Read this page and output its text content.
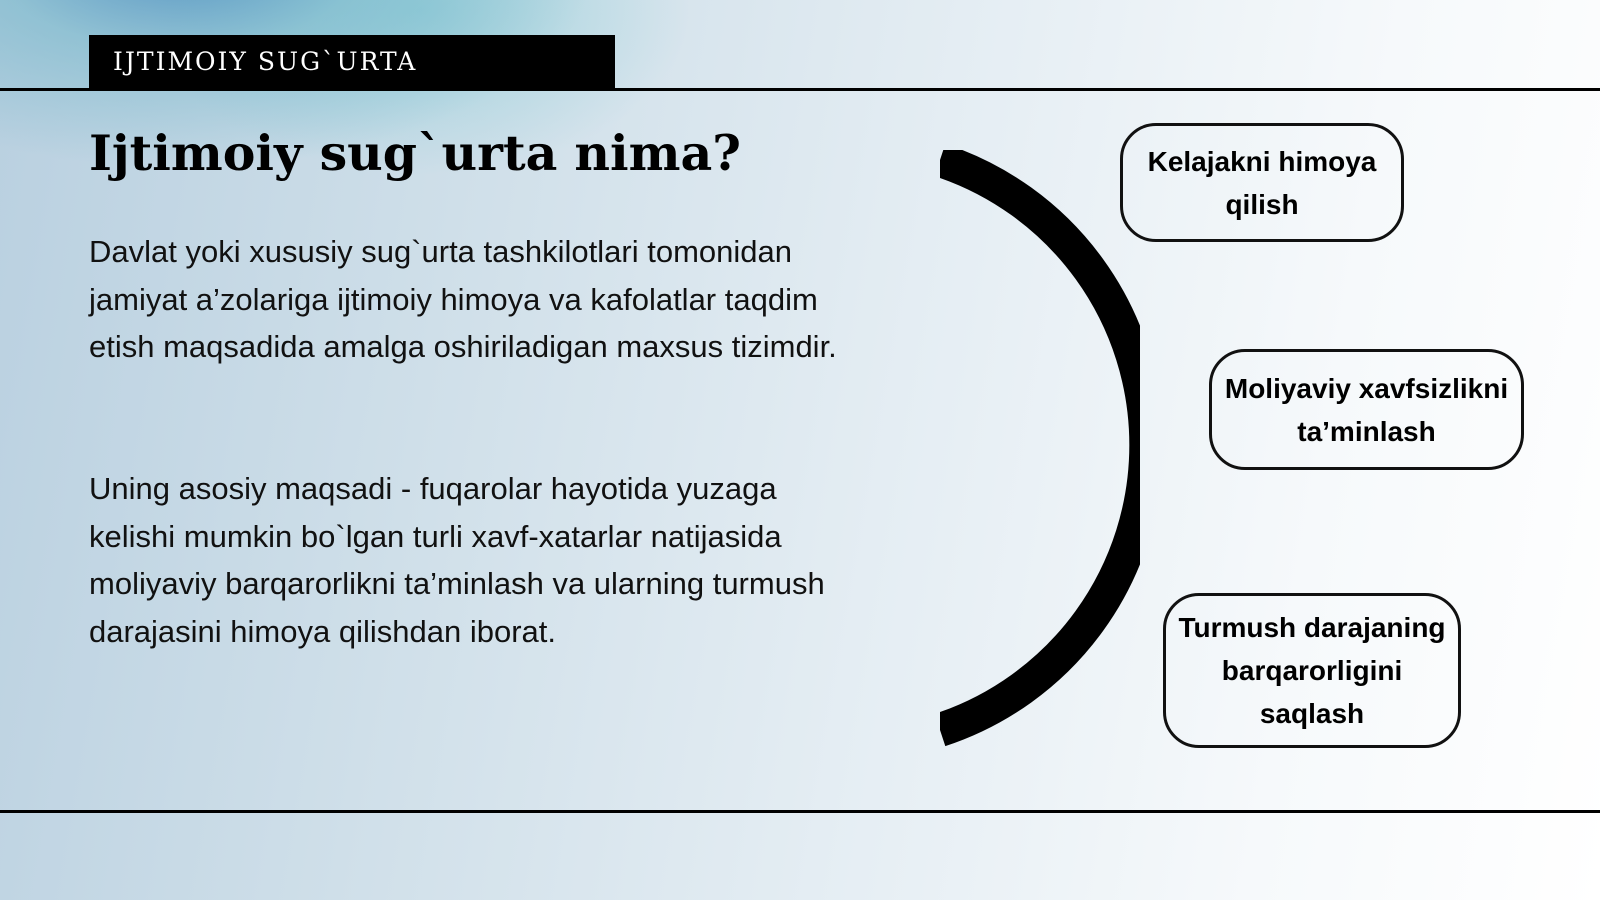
IJTIMOIY SUG`URTA
Ijtimoiy sug`urta nima?

Davlat yoki xususiy sug`urta tashkilotlari tomonidan jamiyat a’zolariga ijtimoiy himoya va kafolatlar taqdim etish maqsadida amalga oshiriladigan maxsus tizimdir.

Uning asosiy maqsadi - fuqarolar hayotida yuzaga kelishi mumkin bo`lgan turli xavf-xatarlar natijasida moliyaviy barqarorlikni ta’minlash va ularning turmush darajasini himoya qilishdan iborat.

Kelajakni himoya qilish
Moliyaviy xavfsizlikni ta’minlash
Turmush darajaning barqarorligini saqlash
